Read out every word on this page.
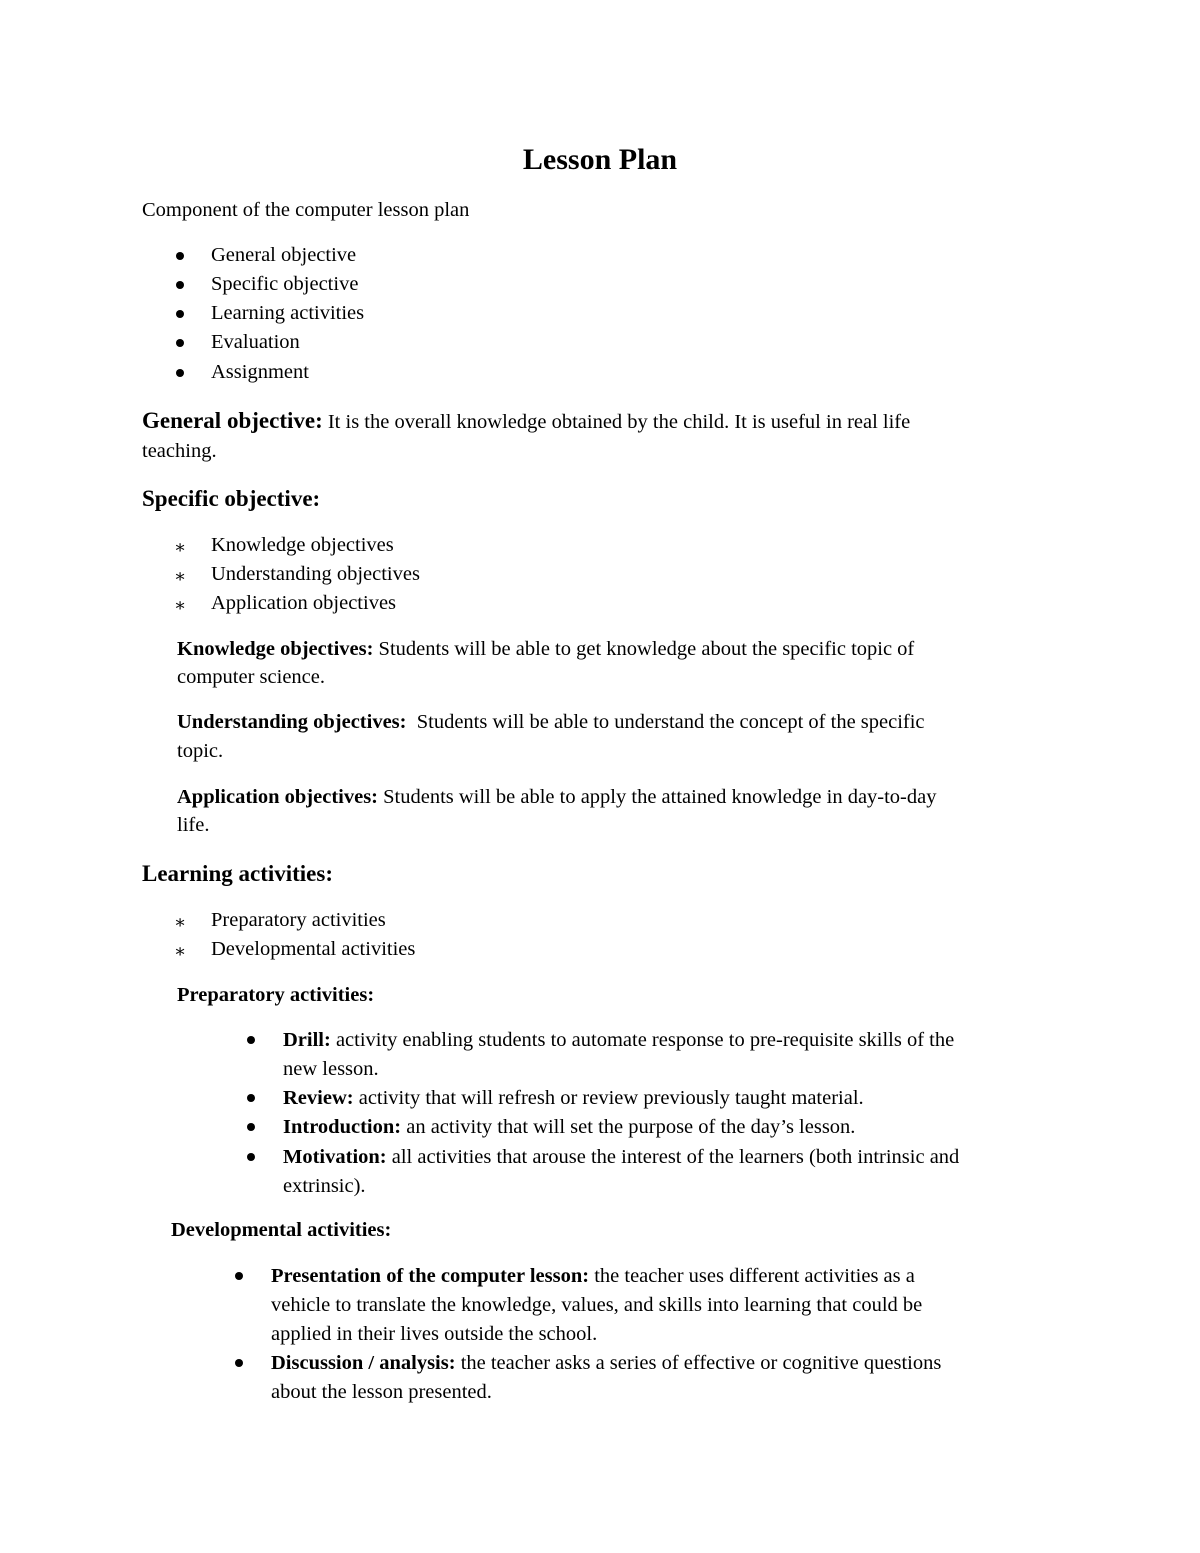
Lesson Plan
Component of the computer lesson plan
General objective
Specific objective
Learning activities
Evaluation
Assignment
General objective: It is the overall knowledge obtained by the child. It is useful in real life
teaching.
Specific objective:
∗ Knowledge objectives
∗ Understanding objectives
∗ Application objectives
Knowledge objectives: Students will be able to get knowledge about the specific topic of
computer science.
Understanding objectives:  Students will be able to understand the concept of the specific
topic.
Application objectives: Students will be able to apply the attained knowledge in day-to-day
life.
Learning activities:
∗ Preparatory activities
∗ Developmental activities
Preparatory activities:
Drill: activity enabling students to automate response to pre-requisite skills of the
new lesson.
Review: activity that will refresh or review previously taught material.
Introduction: an activity that will set the purpose of the day’s lesson.
Motivation: all activities that arouse the interest of the learners (both intrinsic and
extrinsic).
Developmental activities:
Presentation of the computer lesson: the teacher uses different activities as a
vehicle to translate the knowledge, values, and skills into learning that could be
applied in their lives outside the school.
Discussion / analysis: the teacher asks a series of effective or cognitive questions
about the lesson presented.
